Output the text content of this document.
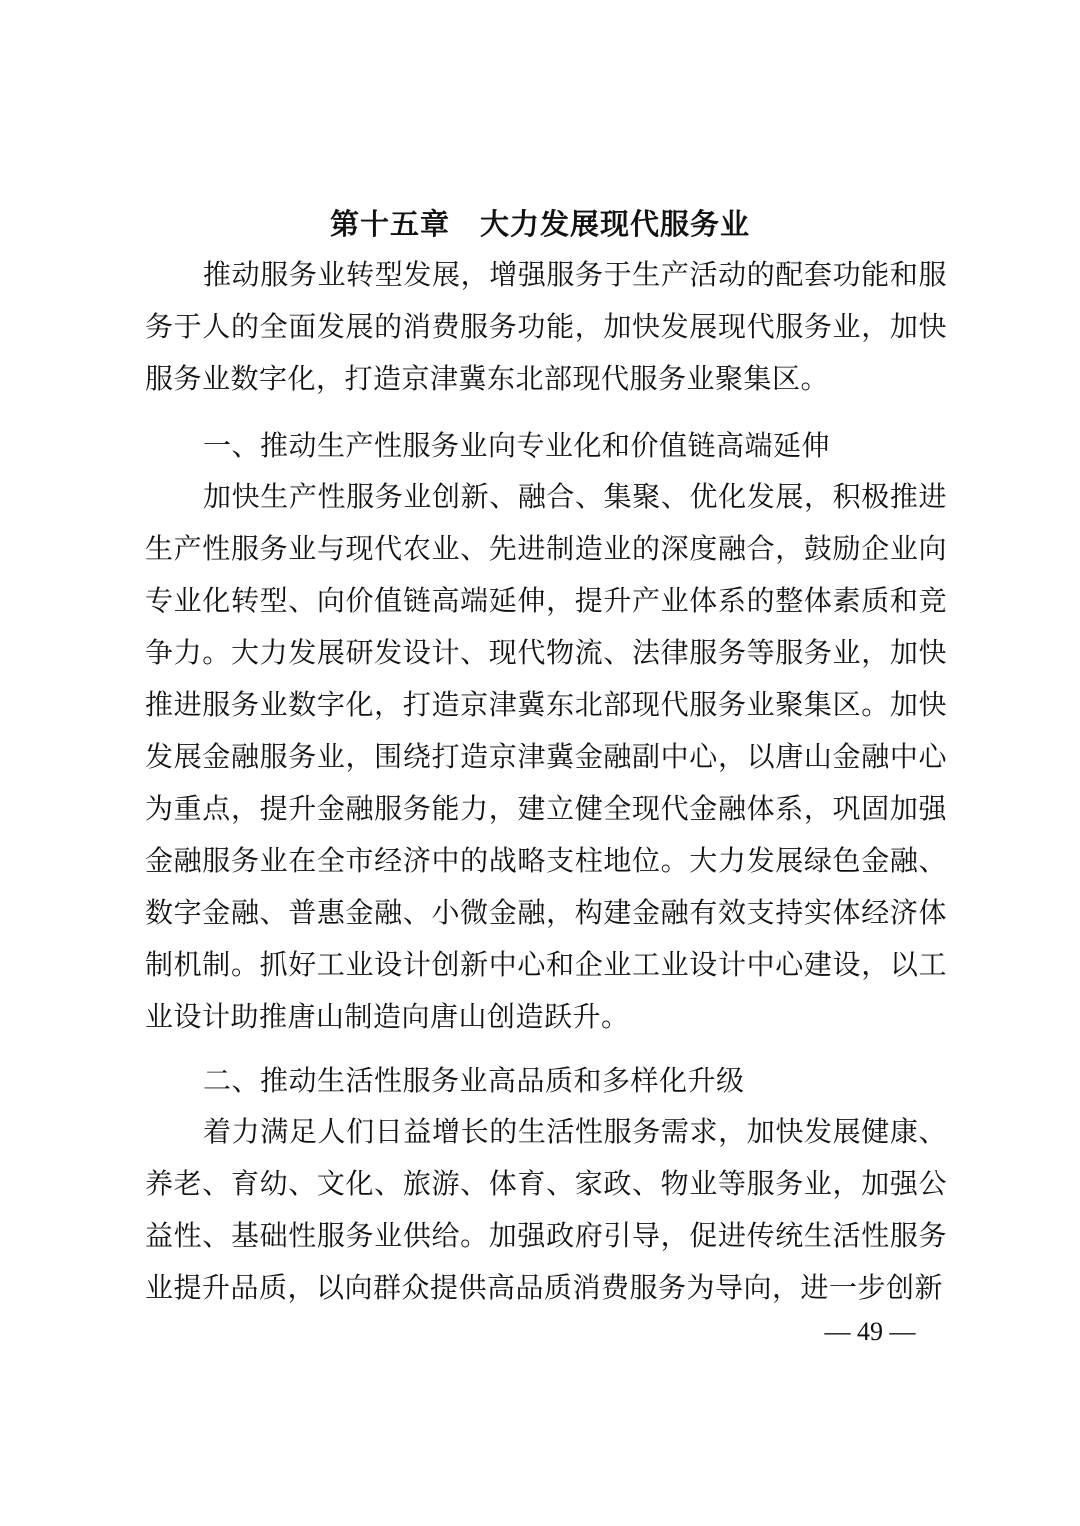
第十五章　大力发展现代服务业

推动服务业转型发展，增强服务于生产活动的配套功能和服务于人的全面发展的消费服务功能，加快发展现代服务业，加快服务业数字化，打造京津冀东北部现代服务业聚集区。

一、推动生产性服务业向专业化和价值链高端延伸

加快生产性服务业创新、融合、集聚、优化发展，积极推进生产性服务业与现代农业、先进制造业的深度融合，鼓励企业向专业化转型、向价值链高端延伸，提升产业体系的整体素质和竞争力。大力发展研发设计、现代物流、法律服务等服务业，加快推进服务业数字化，打造京津冀东北部现代服务业聚集区。加快发展金融服务业，围绕打造京津冀金融副中心，以唐山金融中心为重点，提升金融服务能力，建立健全现代金融体系，巩固加强金融服务业在全市经济中的战略支柱地位。大力发展绿色金融、数字金融、普惠金融、小微金融，构建金融有效支持实体经济体制机制。抓好工业设计创新中心和企业工业设计中心建设，以工业设计助推唐山制造向唐山创造跃升。

二、推动生活性服务业高品质和多样化升级

着力满足人们日益增长的生活性服务需求，加快发展健康、养老、育幼、文化、旅游、体育、家政、物业等服务业，加强公益性、基础性服务业供给。加强政府引导，促进传统生活性服务业提升品质，以向群众提供高品质消费服务为导向，进一步创新

— 49 —
